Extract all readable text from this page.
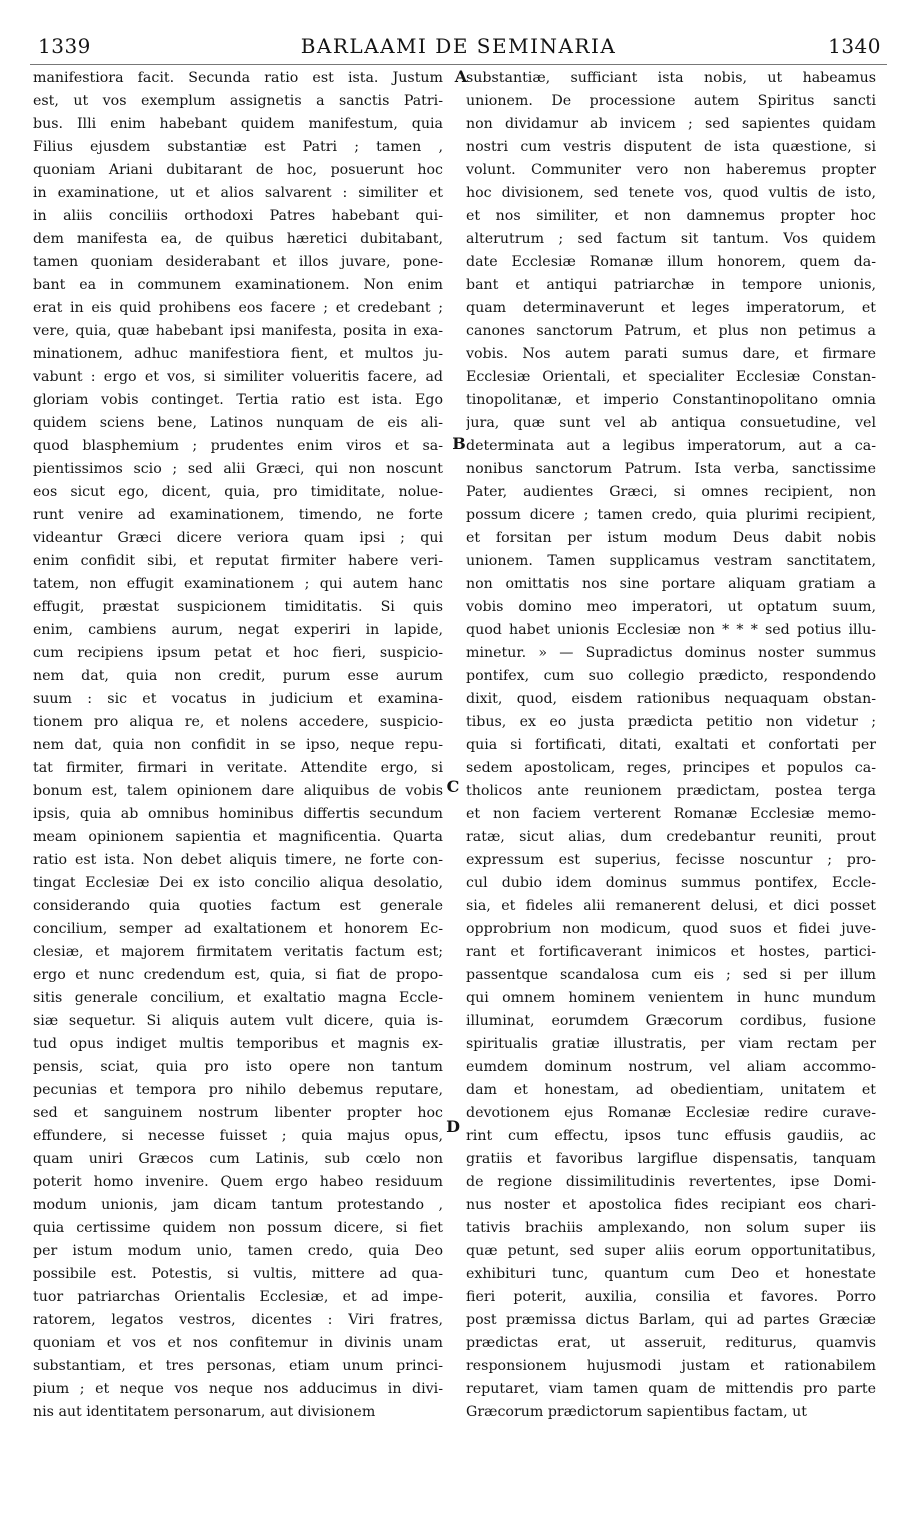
1339	BARLAAMI DE SEMINARIA	1340
manifestiora facit. Secunda ratio est ista. Justum
est, ut vos exemplum assignetis a sanctis Patri-
bus. Illi enim habebant quidem manifestum, quia
Filius ejusdem substantiæ est Patri ; tamen ,
quoniam Ariani dubitarant de hoc, posuerunt hoc
in examinatione, ut et alios salvarent : similiter et
in aliis conciliis orthodoxi Patres habebant qui-
dem manifesta ea, de quibus hæretici dubitabant,
tamen quoniam desiderabant et illos juvare, pone-
bant ea in communem examinationem. Non enim
erat in eis quid prohibens eos facere ; et credebant ;
vere, quia, quæ habebant ipsi manifesta, posita in exa-
minationem, adhuc manifestiora fient, et multos ju-
vabunt : ergo et vos, si similiter volueritis facere, ad
gloriam vobis continget. Tertia ratio est ista. Ego
quidem sciens bene, Latinos nunquam de eis ali-
quod blasphemium ; prudentes enim viros et sa-
pientissimos scio ; sed alii Græci, qui non noscunt
eos sicut ego, dicent, quia, pro timiditate, nolue-
runt venire ad examinationem, timendo, ne forte
videantur Græci dicere veriora quam ipsi ; qui
enim confidit sibi, et reputat firmiter habere veri-
tatem, non effugit examinationem ; qui autem hanc
effugit, præstat suspicionem timiditatis. Si quis
enim, cambiens aurum, negat experiri in lapide,
cum recipiens ipsum petat et hoc fieri, suspicio-
nem dat, quia non credit, purum esse aurum
suum : sic et vocatus in judicium et examina-
tionem pro aliqua re, et nolens accedere, suspicio-
nem dat, quia non confidit in se ipso, neque repu-
tat firmiter, firmari in veritate. Attendite ergo, si
bonum est, talem opinionem dare aliquibus de vobis
ipsis, quia ab omnibus hominibus differtis secundum
meam opinionem sapientia et magnificentia. Quarta
ratio est ista. Non debet aliquis timere, ne forte con-
tingat Ecclesiæ Dei ex isto concilio aliqua desolatio,
considerando quia quoties factum est generale
concilium, semper ad exaltationem et honorem Ec-
clesiæ, et majorem firmitatem veritatis factum est;
ergo et nunc credendum est, quia, si fiat de propo-
sitis generale concilium, et exaltatio magna Eccle-
siæ sequetur. Si aliquis autem vult dicere, quia is-
tud opus indiget multis temporibus et magnis ex-
pensis, sciat, quia pro isto opere non tantum
pecunias et tempora pro nihilo debemus reputare,
sed et sanguinem nostrum libenter propter hoc
effundere, si necesse fuisset ; quia majus opus,
quam uniri Græcos cum Latinis, sub cœlo non
poterit homo invenire. Quem ergo habeo residuum
modum unionis, jam dicam tantum protestando ,
quia certissime quidem non possum dicere, si fiet
per istum modum unio, tamen credo, quia Deo
possibile est. Potestis, si vultis, mittere ad qua-
tuor patriarchas Orientalis Ecclesiæ, et ad impe-
ratorem, legatos vestros, dicentes : Viri fratres,
quoniam et vos et nos confitemur in divinis unam
substantiam, et tres personas, etiam unum princi-
pium ; et neque vos neque nos adducimus in divi-
nis aut identitatem personarum, aut divisionem
substantiæ, sufficiant ista nobis, ut habeamus
unionem. De processione autem Spiritus sancti
non dividamur ab invicem ; sed sapientes quidam
nostri cum vestris disputent de ista quæstione, si
volunt. Communiter vero non haberemus propter
hoc divisionem, sed tenete vos, quod vultis de isto,
et nos similiter, et non damnemus propter hoc
alterutrum ; sed factum sit tantum. Vos quidem
date Ecclesiæ Romanæ illum honorem, quem da-
bant et antiqui patriarchæ in tempore unionis,
quam determinaverunt et leges imperatorum, et
canones sanctorum Patrum, et plus non petimus a
vobis. Nos autem parati sumus dare, et firmare
Ecclesiæ Orientali, et specialiter Ecclesiæ Constan-
tinopolitanæ, et imperio Constantinopolitano omnia
jura, quæ sunt vel ab antiqua consuetudine, vel
determinata aut a legibus imperatorum, aut a ca-
nonibus sanctorum Patrum. Ista verba, sanctissime
Pater, audientes Græci, si omnes recipient, non
possum dicere ; tamen credo, quia plurimi recipient,
et forsitan per istum modum Deus dabit nobis
unionem. Tamen supplicamus vestram sanctitatem,
non omittatis nos sine portare aliquam gratiam a
vobis domino meo imperatori, ut optatum suum,
quod habet unionis Ecclesiæ non * * * sed potius illu-
minetur. » — Supradictus dominus noster summus
pontifex, cum suo collegio prædicto, respondendo
dixit, quod, eisdem rationibus nequaquam obstan-
tibus, ex eo justa prædicta petitio non videtur ;
quia si fortificati, ditati, exaltati et confortati per
sedem apostolicam, reges, principes et populos ca-
tholicos ante reunionem prædictam, postea terga
et non faciem verterent Romanæ Ecclesiæ memo-
ratæ, sicut alias, dum credebantur reuniti, prout
expressum est superius, fecisse noscuntur ; pro-
cul dubio idem dominus summus pontifex, Eccle-
sia, et fideles alii remanerent delusi, et dici posset
opprobrium non modicum, quod suos et fidei juve-
rant et fortificaverant inimicos et hostes, partici-
passentque scandalosa cum eis ; sed si per illum
qui omnem hominem venientem in hunc mundum
illuminat, eorumdem Græcorum cordibus, fusione
spiritualis gratiæ illustratis, per viam rectam per
eumdem dominum nostrum, vel aliam accommo-
dam et honestam, ad obedientiam, unitatem et
devotionem ejus Romanæ Ecclesiæ redire curave-
rint cum effectu, ipsos tunc effusis gaudiis, ac
gratiis et favoribus largiflue dispensatis, tanquam
de regione dissimilitudinis revertentes, ipse Domi-
nus noster et apostolica fides recipiant eos chari-
tativis brachiis amplexando, non solum super iis
quæ petunt, sed super aliis eorum opportunitatibus,
exhibituri tunc, quantum cum Deo et honestate
fieri poterit, auxilia, consilia et favores. Porro
post præmissa dictus Barlam, qui ad partes Græciæ
prædictas erat, ut asseruit, rediturus, quamvis
responsionem hujusmodi justam et rationabilem
reputaret, viam tamen quam de mittendis pro parte
Græcorum prædictorum sapientibus factam, ut
A
B
C
D
